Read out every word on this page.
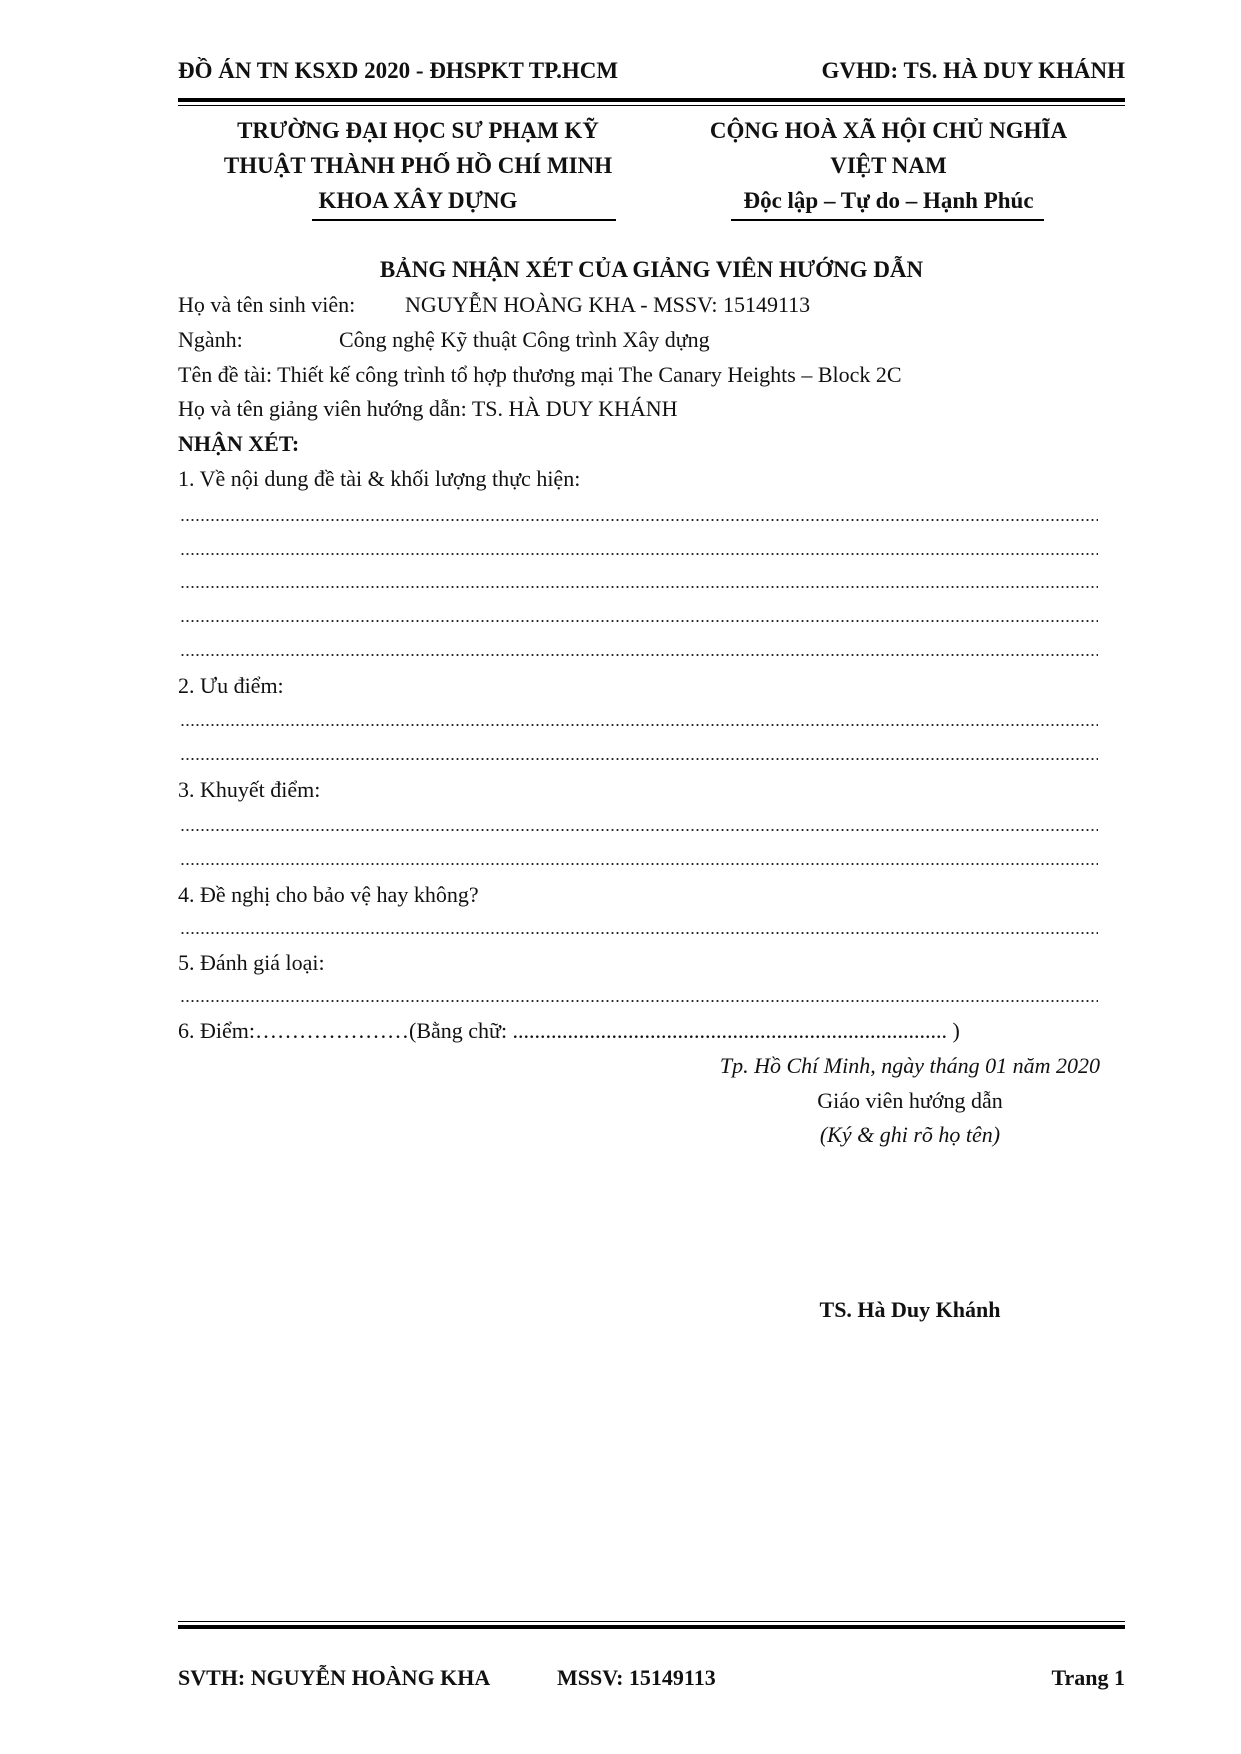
ĐỒ ÁN TN KSXD 2020 - ĐHSPKT TP.HCM	GVHD: TS. HÀ DUY KHÁNH
TRƯỜNG ĐẠI HỌC SƯ PHẠM KỸ
THUẬT THÀNH PHỐ HỒ CHÍ MINH
KHOA XÂY DỰNG
CỘNG HOÀ XÃ HỘI CHỦ NGHĨA
VIỆT NAM
Độc lập – Tự do – Hạnh Phúc
BẢNG NHẬN XÉT CỦA GIẢNG VIÊN HƯỚNG DẪN
Họ và tên sinh viên: NGUYỄN HOÀNG KHA - MSSV: 15149113
Ngành:	Công nghệ Kỹ thuật Công trình Xây dựng
Tên đề tài: Thiết kế công trình tổ hợp thương mại The Canary Heights – Block 2C
Họ và tên giảng viên hướng dẫn: TS. HÀ DUY KHÁNH
NHẬN XÉT:
1. Về nội dung đề tài & khối lượng thực hiện:
2. Ưu điểm:
3. Khuyết điểm:
4. Đề nghị cho bảo vệ hay không?
5. Đánh giá loại:
6. Điểm:…………………(Bằng chữ: ............................................................................... )
Tp. Hồ Chí Minh, ngày tháng 01 năm 2020
Giáo viên hướng dẫn
(Ký & ghi rõ họ tên)
TS. Hà Duy Khánh
SVTH: NGUYỄN HOÀNG KHA	MSSV: 15149113	Trang 1
